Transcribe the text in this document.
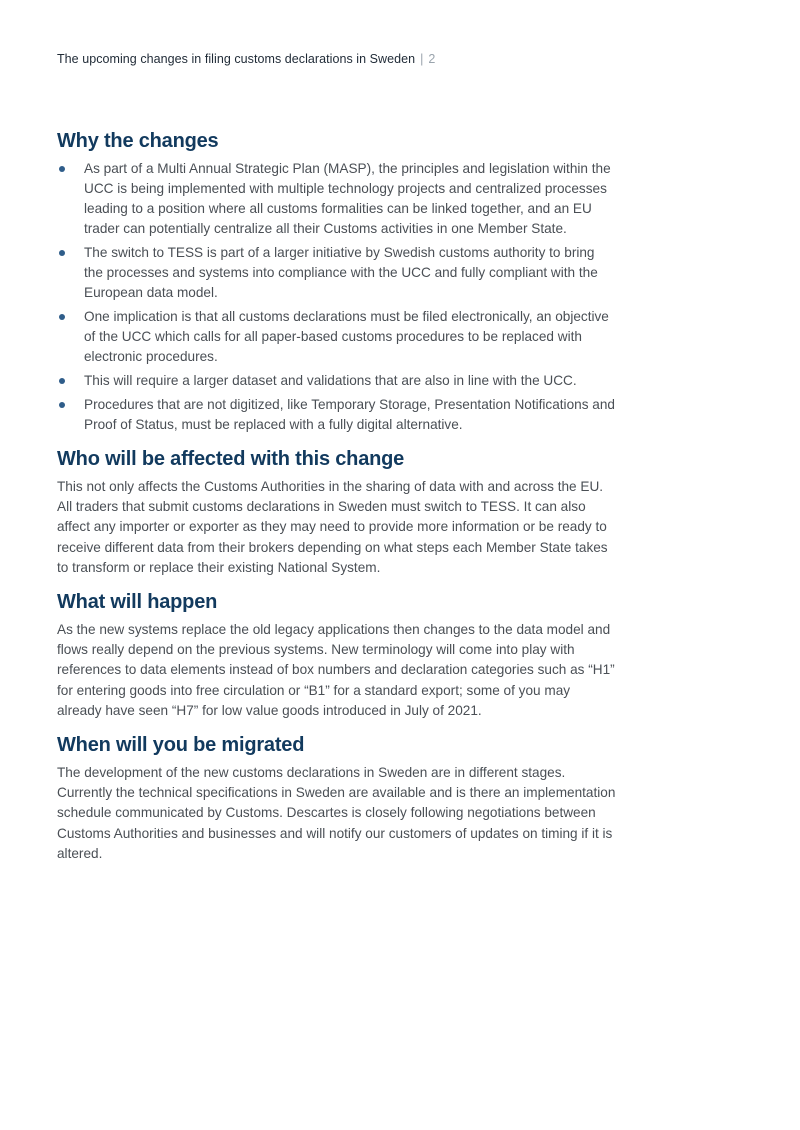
The upcoming changes in filing customs declarations in Sweden | 2
Why the changes
As part of a Multi Annual Strategic Plan (MASP), the principles and legislation within the UCC is being implemented with multiple technology projects and centralized processes leading to a position where all customs formalities can be linked together, and an EU trader can potentially centralize all their Customs activities in one Member State.
The switch to TESS is part of a larger initiative by Swedish customs authority to bring the processes and systems into compliance with the UCC and fully compliant with the European data model.
One implication is that all customs declarations must be filed electronically, an objective of the UCC which calls for all paper-based customs procedures to be replaced with electronic procedures.
This will require a larger dataset and validations that are also in line with the UCC.
Procedures that are not digitized, like Temporary Storage, Presentation Notifications and Proof of Status, must be replaced with a fully digital alternative.
Who will be affected with this change

This not only affects the Customs Authorities in the sharing of data with and across the EU. All traders that submit customs declarations in Sweden must switch to TESS. It can also affect any importer or exporter as they may need to provide more information or be ready to receive different data from their brokers depending on what steps each Member State takes to transform or replace their existing National System.

What will happen

As the new systems replace the old legacy applications then changes to the data model and flows really depend on the previous systems. New terminology will come into play with references to data elements instead of box numbers and declaration categories such as “H1” for entering goods into free circulation or “B1” for a standard export; some of you may already have seen “H7” for low value goods introduced in July of 2021.

When will you be migrated

The development of the new customs declarations in Sweden are in different stages. Currently the technical specifications in Sweden are available and is there an implementation schedule communicated by Customs. Descartes is closely following negotiations between Customs Authorities and businesses and will notify our customers of updates on timing if it is altered.
